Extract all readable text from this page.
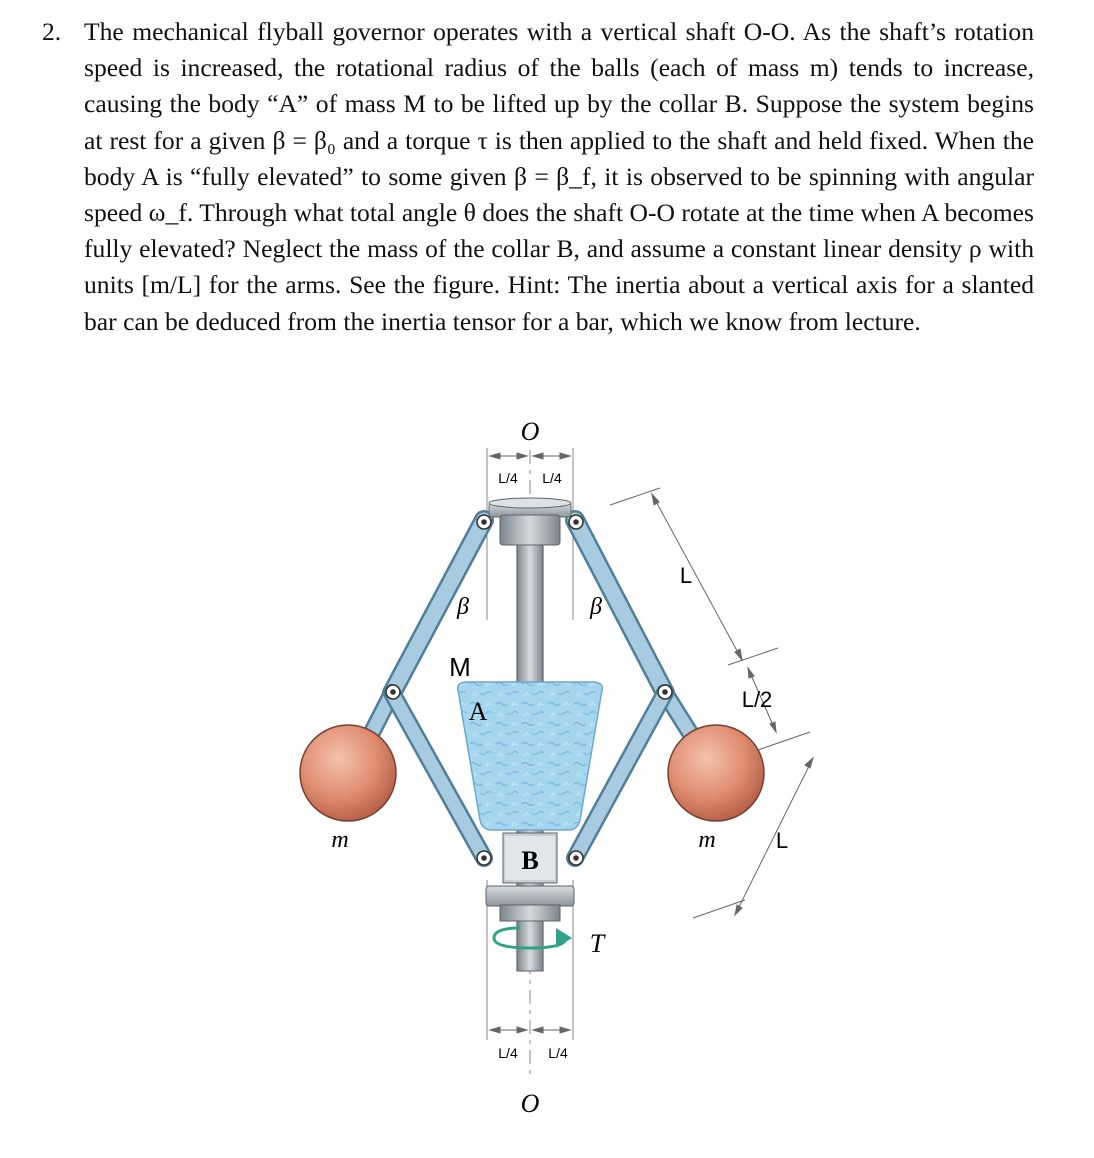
2. The mechanical flyball governor operates with a vertical shaft O-O. As the shaft’s rotation speed is increased, the rotational radius of the balls (each of mass m) tends to increase, causing the body “A” of mass M to be lifted up by the collar B. Suppose the system begins at rest for a given β = β₀ and a torque τ is then applied to the shaft and held fixed. When the body A is “fully elevated” to some given β = β_f, it is observed to be spinning with angular speed ω_f. Through what total angle θ does the shaft O-O rotate at the time when A becomes fully elevated? Neglect the mass of the collar B, and assume a constant linear density ρ with units [m/L] for the arms. See the figure. Hint: The inertia about a vertical axis for a slanted bar can be deduced from the inertia tensor for a bar, which we know from lecture.
O
O
L/4 L/4
L/4 L/4
β	β
M
A
B
m	m
L
L/2
L
T
